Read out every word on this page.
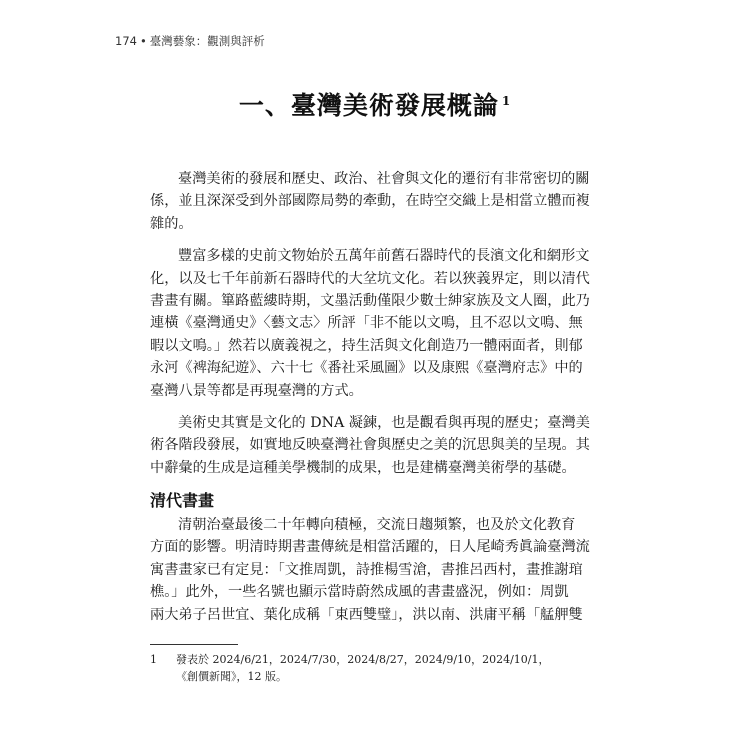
174 • 臺灣藝象：觀測與評析
一、臺灣美術發展概論 $^1$

臺灣美術的發展和歷史、政治、社會與文化的遷衍有非常密切的關
係，並且深深受到外部國際局勢的牽動，在時空交織上是相當立體而複
雜的。

豐富多樣的史前文物始於五萬年前舊石器時代的長濱文化和網形文
化，以及七千年前新石器時代的大坌坑文化。若以狹義界定，則以清代
書畫有關。篳路藍縷時期，文墨活動僅限少數士紳家族及文人圈，此乃
連橫《臺灣通史》〈藝文志〉所評「非不能以文鳴，且不忍以文鳴、無
暇以文鳴。」然若以廣義視之，持生活與文化創造乃一體兩面者，則郁
永河《裨海紀遊》、六十七《番社采風圖》以及康熙《臺灣府志》中的
臺灣八景等都是再現臺灣的方式。

美術史其實是文化的 DNA 凝鍊，也是觀看與再現的歷史；臺灣美
術各階段發展，如實地反映臺灣社會與歷史之美的沉思與美的呈現。其
中辭彙的生成是這種美學機制的成果，也是建構臺灣美術學的基礎。

清代書畫

清朝治臺最後二十年轉向積極，交流日趨頻繁，也及於文化教育
方面的影響。明清時期書畫傳統是相當活躍的，日人尾崎秀眞論臺灣流
寓書畫家已有定見：「文推周凱，詩推楊雪滄，書推呂西村，畫推謝琯
樵。」此外，一些名號也顯示當時蔚然成風的書畫盛況，例如：周凱
兩大弟子呂世宜、葉化成稱「東西雙璧」，洪以南、洪庸平稱「艋舺雙

1 發表於 2024/6/21，2024/7/30，2024/8/27，2024/9/10，2024/10/1，《創價新聞》，12 版。
